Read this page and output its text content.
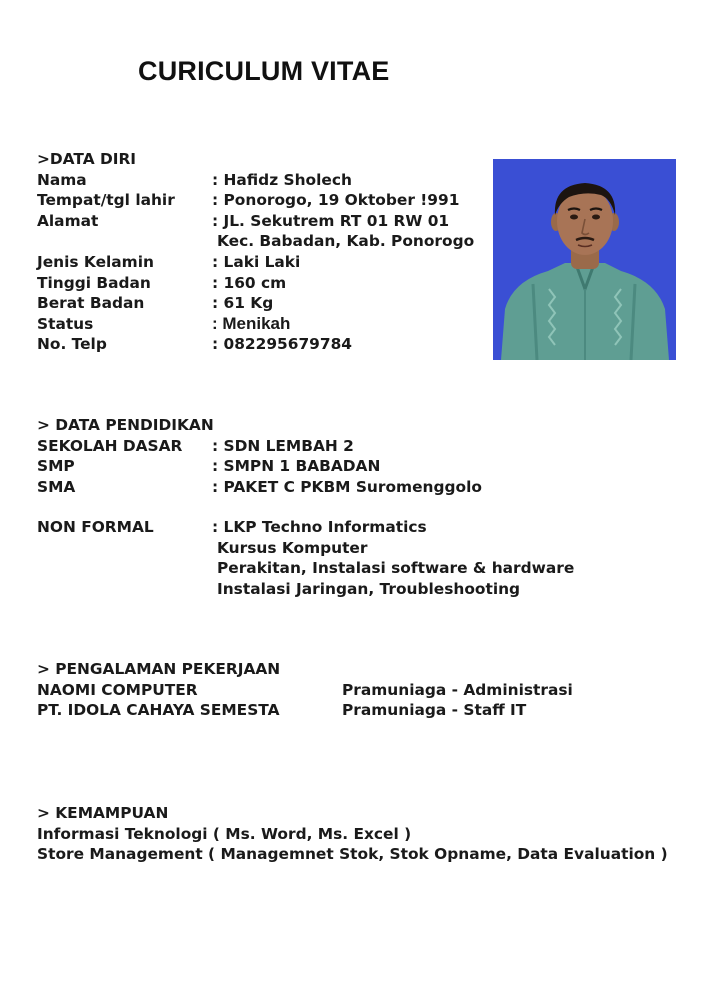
CURICULUM VITAE
>DATA DIRI
Nama	: Hafidz Sholech
Tempat/tgl lahir : Ponorogo, 19 Oktober !991
Alamat	: JL. Sekutrem RT 01 RW 01
Kec. Babadan, Kab. Ponorogo
Jenis Kelamin	: Laki Laki
Tinggi Badan	: 160 cm
Berat Badan	: 61 Kg
Status	: Menikah
No. Telp	: 082295679784
> DATA PENDIDIKAN
SEKOLAH DASAR : SDN LEMBAH 2
SMP	: SMPN 1 BABADAN
SMA	: PAKET C PKBM Suromenggolo
NON FORMAL	: LKP Techno Informatics
Kursus Komputer
Perakitan, Instalasi software & hardware
Instalasi Jaringan, Troubleshooting
> PENGALAMAN PEKERJAAN
NAOMI COMPUTER	Pramuniaga - Administrasi
PT. IDOLA CAHAYA SEMESTA	Pramuniaga - Staff IT
> KEMAMPUAN
Informasi Teknologi ( Ms. Word, Ms. Excel )
Store Management ( Managemnet Stok, Stok Opname, Data Evaluation )
